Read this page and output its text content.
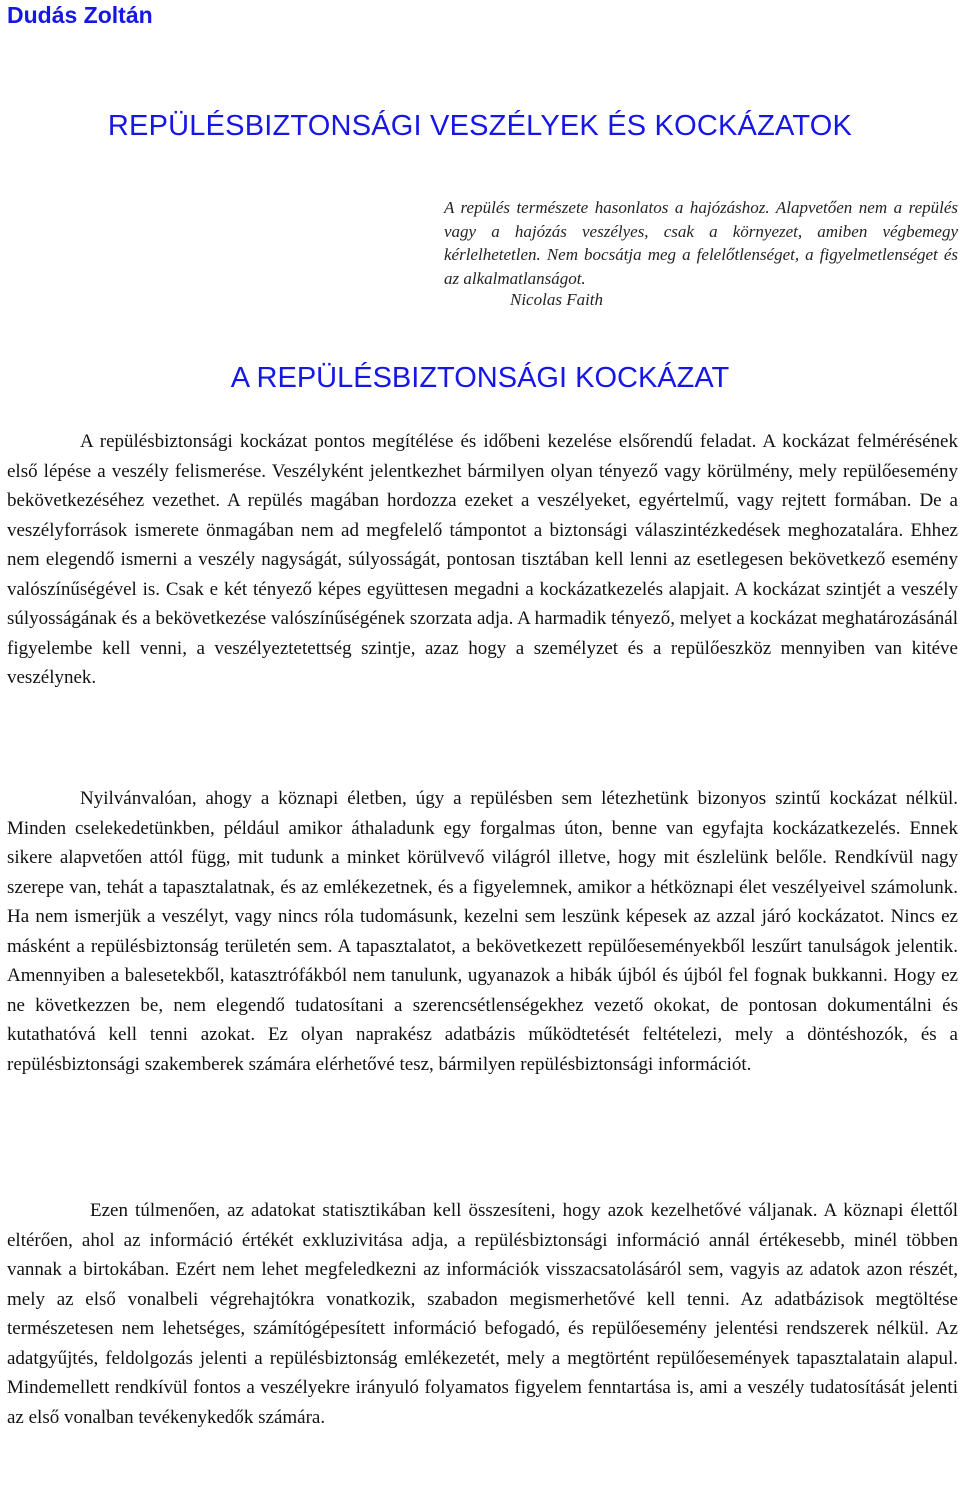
Dudás Zoltán
REPÜLÉSBIZTONSÁGI VESZÉLYEK ÉS KOCKÁZATOK

A repülés természete hasonlatos a hajózáshoz. Alapvetően nem a repülés vagy a hajózás veszélyes, csak a környezet, amiben végbemegy kérlelhetetlen. Nem bocsátja meg a felelőtlenséget, a figyelmetlenséget és az alkalmatlanságot.

Nicolas Faith

A REPÜLÉSBIZTONSÁGI KOCKÁZAT

A repülésbiztonsági kockázat pontos megítélése és időbeni kezelése elsőrendű feladat. A kockázat felmérésének első lépése a veszély felismerése. Veszélyként jelentkezhet bármilyen olyan tényező vagy körülmény, mely repülőesemény bekövetkezéséhez vezethet. A repülés magában hordozza ezeket a veszélyeket, egyértelmű, vagy rejtett formában. De a veszélyforrások ismerete önmagában nem ad megfelelő támpontot a biztonsági válaszintézkedések meghozatalára. Ehhez nem elegendő ismerni a veszély nagyságát, súlyosságát, pontosan tisztában kell lenni az esetlegesen bekövetkező esemény valószínűségével is. Csak e két tényező képes együttesen megadni a kockázatkezelés alapjait. A kockázat szintjét a veszély súlyosságának és a bekövetkezése valószínűségének szorzata adja. A harmadik tényező, melyet a kockázat meghatározásánál figyelembe kell venni, a veszélyeztetettség szintje, azaz hogy a személyzet és a repülőeszköz mennyiben van kitéve veszélynek.

Nyilvánvalóan, ahogy a köznapi életben, úgy a repülésben sem létezhetünk bizonyos szintű kockázat nélkül. Minden cselekedetünkben, például amikor áthaladunk egy forgalmas úton, benne van egyfajta kockázatkezelés. Ennek sikere alapvetően attól függ, mit tudunk a minket körülvevő világról illetve, hogy mit észlelünk belőle. Rendkívül nagy szerepe van, tehát a tapasztalatnak, és az emlékezetnek, és a figyelemnek, amikor a hétköznapi élet veszélyeivel számolunk. Ha nem ismerjük a veszélyt, vagy nincs róla tudomásunk, kezelni sem leszünk képesek az azzal járó kockázatot. Nincs ez másként a repülésbiztonság területén sem. A tapasztalatot, a bekövetkezett repülőeseményekből leszűrt tanulságok jelentik. Amennyiben a balesetekből, katasztrófákból nem tanulunk, ugyanazok a hibák újból és újból fel fognak bukkanni. Hogy ez ne következzen be, nem elegendő tudatosítani a szerencsétlenségekhez vezető okokat, de pontosan dokumentálni és kutathatóvá kell tenni azokat. Ez olyan naprakész adatbázis működtetését feltételezi, mely a döntéshozók, és a repülésbiztonsági szakemberek számára elérhetővé tesz, bármilyen repülésbiztonsági információt.

Ezen túlmenően, az adatokat statisztikában kell összesíteni, hogy azok kezelhetővé váljanak. A köznapi élettől eltérően, ahol az információ értékét exkluzivitása adja, a repülésbiztonsági információ annál értékesebb, minél többen vannak a birtokában. Ezért nem lehet megfeledkezni az információk visszacsatolásáról sem, vagyis az adatok azon részét, mely az első vonalbeli végrehajtókra vonatkozik, szabadon megismerhetővé kell tenni. Az adatbázisok megtöltése természetesen nem lehetséges, számítógépesített információ befogadó, és repülőesemény jelentési rendszerek nélkül. Az adatgyűjtés, feldolgozás jelenti a repülésbiztonság emlékezetét, mely a megtörtént repülőesemények tapasztalatain alapul. Mindemellett rendkívül fontos a veszélyekre irányuló folyamatos figyelem fenntartása is, ami a veszély tudatosítását jelenti az első vonalban tevékenykedők számára.
